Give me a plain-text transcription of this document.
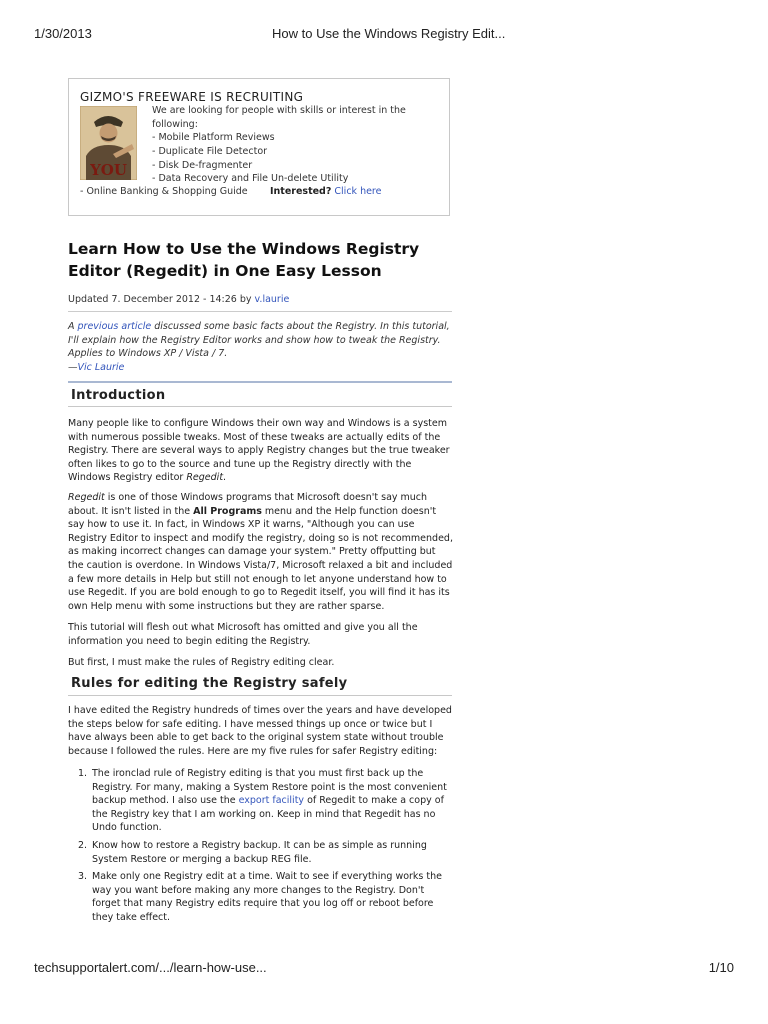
1/30/2013	How to Use the Windows Registry Edit...
GIZMO'S FREEWARE IS RECRUITING
YOU
We are looking for people with skills or interest in the following:
- Mobile Platform Reviews
- Duplicate File Detector
- Disk De-fragmenter
- Data Recovery and File Un-delete Utility
- Online Banking & Shopping Guide Interested? Click here
Learn How to Use the Windows Registry Editor (Regedit) in One Easy Lesson
Updated 7. December 2012 - 14:26 by v.laurie
A previous article discussed some basic facts about the Registry. In this tutorial, I'll explain how the Registry Editor works and show how to tweak the Registry. Applies to Windows XP / Vista / 7.
—Vic Laurie
Introduction

Many people like to configure Windows their own way and Windows is a system with numerous possible tweaks. Most of these tweaks are actually edits of the Registry. There are several ways to apply Registry changes but the true tweaker often likes to go to the source and tune up the Registry directly with the Windows Registry editor Regedit.

Regedit is one of those Windows programs that Microsoft doesn't say much about. It isn't listed in the All Programs menu and the Help function doesn't say how to use it. In fact, in Windows XP it warns, "Although you can use Registry Editor to inspect and modify the registry, doing so is not recommended, as making incorrect changes can damage your system." Pretty offputting but the caution is overdone. In Windows Vista/7, Microsoft relaxed a bit and included a few more details in Help but still not enough to let anyone understand how to use Regedit. If you are bold enough to go to Regedit itself, you will find it has its own Help menu with some instructions but they are rather sparse.

This tutorial will flesh out what Microsoft has omitted and give you all the information you need to begin editing the Registry.

But first, I must make the rules of Registry editing clear.

Rules for editing the Registry safely

I have edited the Registry hundreds of times over the years and have developed the steps below for safe editing. I have messed things up once or twice but I have always been able to get back to the original system state without trouble because I followed the rules. Here are my five rules for safer Registry editing:

1. The ironclad rule of Registry editing is that you must first back up the Registry. For many, making a System Restore point is the most convenient backup method. I also use the export facility of Regedit to make a copy of the Registry key that I am working on. Keep in mind that Regedit has no Undo function.
2. Know how to restore a Registry backup. It can be as simple as running System Restore or merging a backup REG file.
3. Make only one Registry edit at a time. Wait to see if everything works the way you want before making any more changes to the Registry. Don't forget that many Registry edits require that you log off or reboot before they take effect.
techsupportalert.com/.../learn-how-use...	1/10
